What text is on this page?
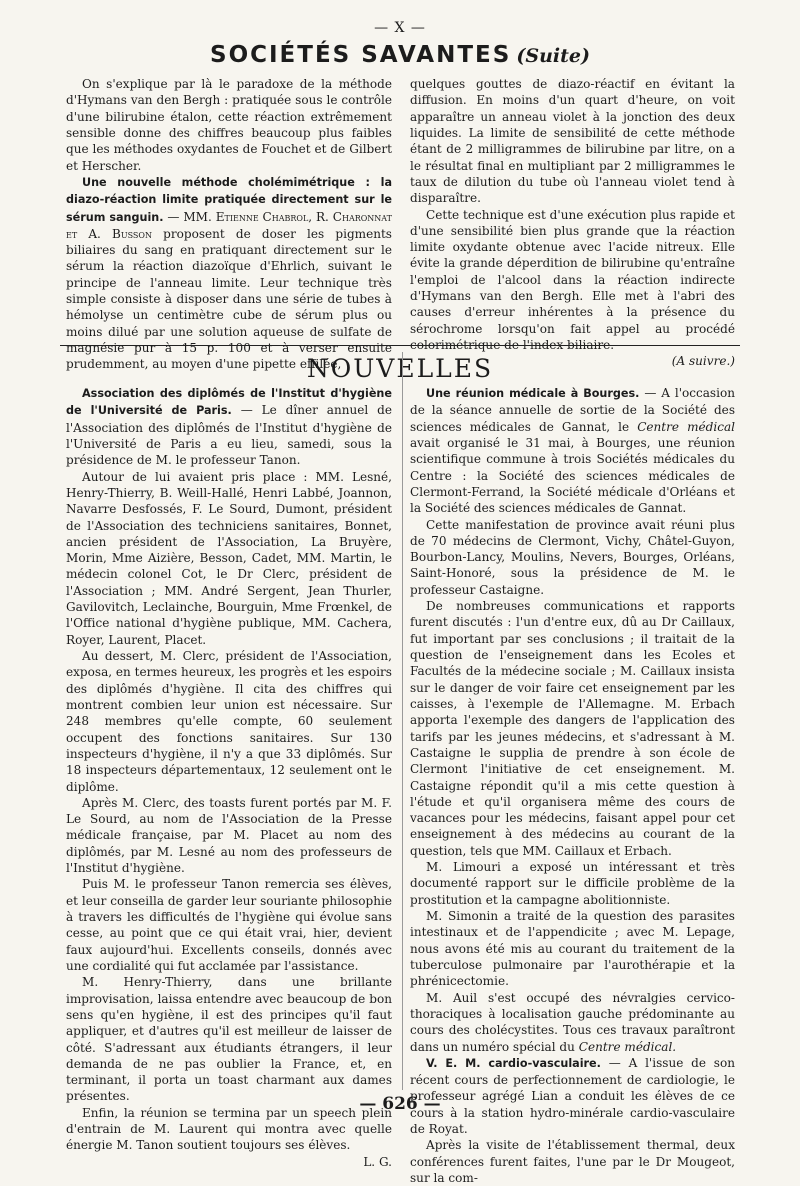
— X —
SOCIÉTÉS SAVANTES (Suite)

On s'explique par là le paradoxe de la méthode d'Hymans van den Bergh : pratiquée sous le contrôle d'une bilirubine étalon, cette réaction extrêmement sensible donne des chiffres beaucoup plus faibles que les méthodes oxydantes de Fouchet et de Gilbert et Herscher.

Une nouvelle méthode cholémimétrique : la diazo-réaction limite pratiquée directement sur le sérum sanguin. — MM. Etienne Chabrol, R. Charonnat et A. Busson proposent de doser les pigments biliaires du sang en pratiquant directement sur le sérum la réaction diazoïque d'Ehrlich, suivant le principe de l'anneau limite. Leur technique très simple consiste à disposer dans une série de tubes à hémolyse un centimètre cube de sérum plus ou moins dilué par une solution aqueuse de sulfate de magnésie pur à 15 p. 100 et à verser ensuite prudemment, au moyen d'une pipette effilée,

quelques gouttes de diazo-réactif en évitant la diffusion. En moins d'un quart d'heure, on voit apparaître un anneau violet à la jonction des deux liquides. La limite de sensibilité de cette méthode étant de 2 milligrammes de bilirubine par litre, on a le résultat final en multipliant par 2 milligrammes le taux de dilution du tube où l'anneau violet tend à disparaître.

Cette technique est d'une exécution plus rapide et d'une sensibilité bien plus grande que la réaction limite oxydante obtenue avec l'acide nitreux. Elle évite la grande déperdition de bilirubine qu'entraîne l'emploi de l'alcool dans la réaction indirecte d'Hymans van den Bergh. Elle met à l'abri des causes d'erreur inhérentes à la présence du sérochrome lorsqu'on fait appel au procédé colorimétrique de l'index biliaire.

(A suivre.)

NOUVELLES

Association des diplômés de l'Institut d'hygiène de l'Université de Paris. — Le dîner annuel de l'Association des diplômés de l'Institut d'hygiène de l'Université de Paris a eu lieu, samedi, sous la présidence de M. le professeur Tanon.

Autour de lui avaient pris place : MM. Lesné, Henry-Thierry, B. Weill-Hallé, Henri Labbé, Joannon, Navarre Desfossés, F. Le Sourd, Dumont, président de l'Association des techniciens sanitaires, Bonnet, ancien président de l'Association, La Bruyère, Morin, Mme Aizière, Besson, Cadet, MM. Martin, le médecin colonel Cot, le Dr Clerc, président de l'Association ; MM. André Sergent, Jean Thurler, Gavilovitch, Leclainche, Bourguin, Mme Frœnkel, de l'Office national d'hygiène publique, MM. Cachera, Royer, Laurent, Placet.

Au dessert, M. Clerc, président de l'Association, exposa, en termes heureux, les progrès et les espoirs des diplômés d'hygiène. Il cita des chiffres qui montrent combien leur union est nécessaire. Sur 248 membres qu'elle compte, 60 seulement occupent des fonctions sanitaires. Sur 130 inspecteurs d'hygiène, il n'y a que 33 diplômés. Sur 18 inspecteurs départementaux, 12 seulement ont le diplôme.

Après M. Clerc, des toasts furent portés par M. F. Le Sourd, au nom de l'Association de la Presse médicale française, par M. Placet au nom des diplômés, par M. Lesné au nom des professeurs de l'Institut d'hygiène.

Puis M. le professeur Tanon remercia ses élèves, et leur conseilla de garder leur souriante philosophie à travers les difficultés de l'hygiène qui évolue sans cesse, au point que ce qui était vrai, hier, devient faux aujourd'hui. Excellents conseils, donnés avec une cordialité qui fut acclamée par l'assistance.

M. Henry-Thierry, dans une brillante improvisation, laissa entendre avec beaucoup de bon sens qu'en hygiène, il est des principes qu'il faut appliquer, et d'autres qu'il est meilleur de laisser de côté. S'adressant aux étudiants étrangers, il leur demanda de ne pas oublier la France, et, en terminant, il porta un toast charmant aux dames présentes.

Enfin, la réunion se termina par un speech plein d'entrain de M. Laurent qui montra avec quelle énergie M. Tanon soutient toujours ses élèves.
L. G.

Une réunion médicale à Bourges. — A l'occasion de la séance annuelle de sortie de la Société des sciences médicales de Gannat, le Centre médical avait organisé le 31 mai, à Bourges, une réunion scientifique commune à trois Sociétés médicales du Centre : la Société des sciences médicales de Clermont-Ferrand, la Société médicale d'Orléans et la Société des sciences médicales de Gannat.

Cette manifestation de province avait réuni plus de 70 médecins de Clermont, Vichy, Châtel-Guyon, Bourbon-Lancy, Moulins, Nevers, Bourges, Orléans, Saint-Honoré, sous la présidence de M. le professeur Castaigne.

De nombreuses communications et rapports furent discutés : l'un d'entre eux, dû au Dr Caillaux, fut important par ses conclusions ; il traitait de la question de l'enseignement dans les Ecoles et Facultés de la médecine sociale ; M. Caillaux insista sur le danger de voir faire cet enseignement par les caisses, à l'exemple de l'Allemagne. M. Erbach apporta l'exemple des dangers de l'application des tarifs par les jeunes médecins, et s'adressant à M. Castaigne le supplia de prendre à son école de Clermont l'initiative de cet enseignement. M. Castaigne répondit qu'il a mis cette question à l'étude et qu'il organisera même des cours de vacances pour les médecins, faisant appel pour cet enseignement à des médecins au courant de la question, tels que MM. Caillaux et Erbach.

M. Limouri a exposé un intéressant et très documenté rapport sur le difficile problème de la prostitution et la campagne abolitionniste.

M. Simonin a traité de la question des parasites intestinaux et de l'appendicite ; avec M. Lepage, nous avons été mis au courant du traitement de la tuberculose pulmonaire par l'aurothérapie et la phrénicectomie.

M. Auil s'est occupé des névralgies cervico-thoraciques à localisation gauche prédominante au cours des cholécystites. Tous ces travaux paraîtront dans un numéro spécial du Centre médical.

V. E. M. cardio-vasculaire. — A l'issue de son récent cours de perfectionnement de cardiologie, le professeur agrégé Lian a conduit les élèves de ce cours à la station hydro-minérale cardio-vasculaire de Royat.

Après la visite de l'établissement thermal, deux conférences furent faites, l'une par le Dr Mougeot, sur la com-

— 626 —
